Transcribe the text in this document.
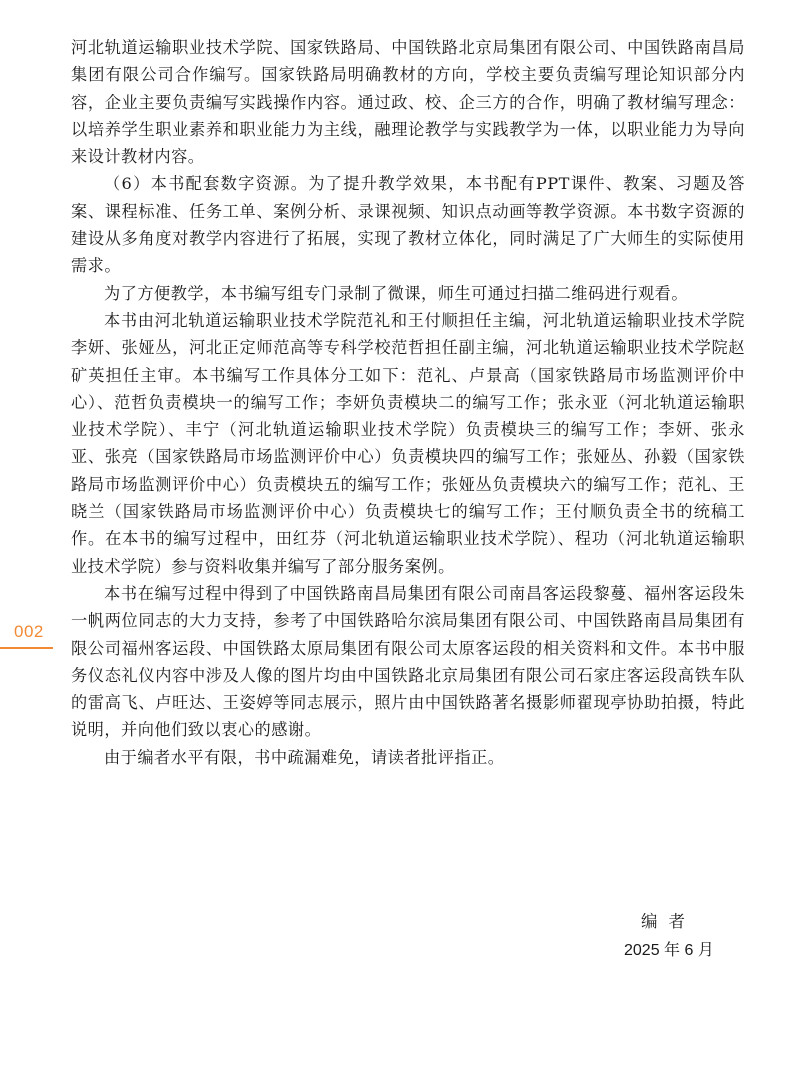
河北轨道运输职业技术学院、国家铁路局、中国铁路北京局集团有限公司、中国铁路南昌局集团有限公司合作编写。国家铁路局明确教材的方向，学校主要负责编写理论知识部分内容，企业主要负责编写实践操作内容。通过政、校、企三方的合作，明确了教材编写理念：以培养学生职业素养和职业能力为主线，融理论教学与实践教学为一体，以职业能力为导向来设计教材内容。

（6）本书配套数字资源。为了提升教学效果，本书配有PPT课件、教案、习题及答案、课程标准、任务工单、案例分析、录课视频、知识点动画等教学资源。本书数字资源的建设从多角度对教学内容进行了拓展，实现了教材立体化，同时满足了广大师生的实际使用需求。

为了方便教学，本书编写组专门录制了微课，师生可通过扫描二维码进行观看。

本书由河北轨道运输职业技术学院范礼和王付顺担任主编，河北轨道运输职业技术学院李妍、张娅丛，河北正定师范高等专科学校范哲担任副主编，河北轨道运输职业技术学院赵矿英担任主审。本书编写工作具体分工如下：范礼、卢景高（国家铁路局市场监测评价中心）、范哲负责模块一的编写工作；李妍负责模块二的编写工作；张永亚（河北轨道运输职业技术学院）、丰宁（河北轨道运输职业技术学院）负责模块三的编写工作；李妍、张永亚、张亮（国家铁路局市场监测评价中心）负责模块四的编写工作；张娅丛、孙毅（国家铁路局市场监测评价中心）负责模块五的编写工作；张娅丛负责模块六的编写工作；范礼、王晓兰（国家铁路局市场监测评价中心）负责模块七的编写工作；王付顺负责全书的统稿工作。在本书的编写过程中，田红芬（河北轨道运输职业技术学院）、程功（河北轨道运输职业技术学院）参与资料收集并编写了部分服务案例。

本书在编写过程中得到了中国铁路南昌局集团有限公司南昌客运段黎蔓、福州客运段朱一帆两位同志的大力支持，参考了中国铁路哈尔滨局集团有限公司、中国铁路南昌局集团有限公司福州客运段、中国铁路太原局集团有限公司太原客运段的相关资料和文件。本书中服务仪态礼仪内容中涉及人像的图片均由中国铁路北京局集团有限公司石家庄客运段高铁车队的雷高飞、卢旺达、王姿婷等同志展示，照片由中国铁路著名摄影师翟现亭协助拍摄，特此说明，并向他们致以衷心的感谢。

由于编者水平有限，书中疏漏难免，请读者批评指正。

002
编者
2025 年 6 月
